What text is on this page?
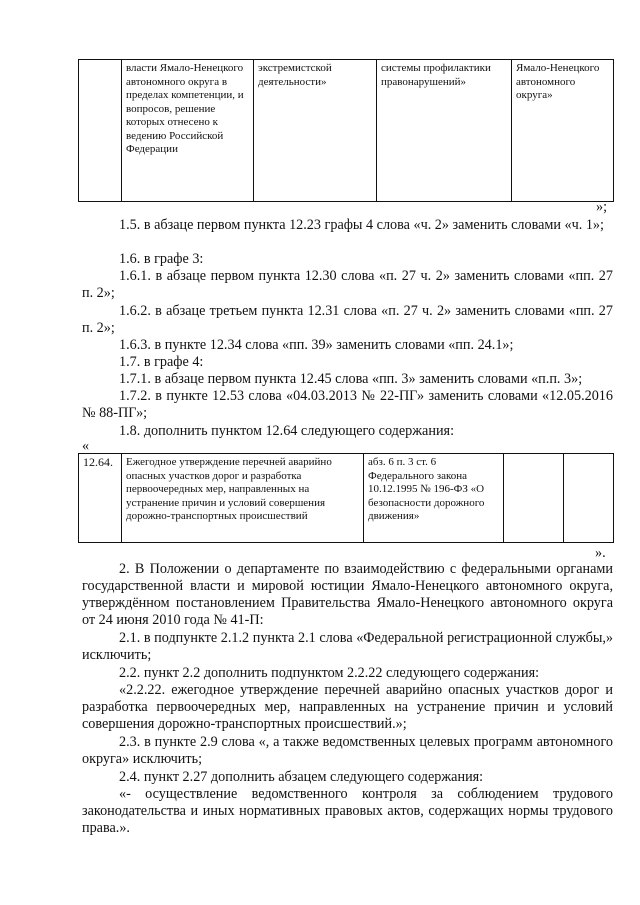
	власти Ямало-Ненецкого автономного округа в пределах компетенции, и вопросов, решение которых отнесено к ведению Российской Федерации	экстремистской деятельности»	системы профилактики правонарушений»	Ямало-Ненецкого автономного округа»
»;
1.5. в абзаце первом пункта 12.23 графы 4 слова «ч. 2» заменить словами «ч. 1»;
1.6. в графе 3:
1.6.1. в абзаце первом пункта 12.30 слова «п. 27 ч. 2» заменить словами «пп. 27 п. 2»;
1.6.2. в абзаце третьем пункта 12.31 слова «п. 27 ч. 2» заменить словами «пп. 27 п. 2»;
1.6.3. в пункте 12.34 слова «пп. 39» заменить словами «пп. 24.1»;
1.7. в графе 4:
1.7.1. в абзаце первом пункта 12.45 слова «пп. 3» заменить словами «п.п. 3»;
1.7.2. в пункте 12.53 слова «04.03.2013 № 22-ПГ» заменить словами «12.05.2016 № 88-ПГ»;
1.8. дополнить пунктом 12.64 следующего содержания:
«
12.64.	Ежегодное утверждение перечней аварийно опасных участков дорог и разработка первоочередных мер, направленных на устранение причин и условий совершения дорожно-транспортных происшествий	абз. 6 п. 3 ст. 6 Федерального закона 10.12.1995 № 196-ФЗ «О безопасности дорожного движения»		
».
2. В Положении о департаменте по взаимодействию с федеральными органами государственной власти и мировой юстиции Ямало-Ненецкого автономного округа, утверждённом постановлением Правительства Ямало-Ненецкого автономного округа от 24 июня 2010 года № 41-П:
2.1. в подпункте 2.1.2 пункта 2.1 слова «Федеральной регистрационной службы,» исключить;
2.2. пункт 2.2 дополнить подпунктом 2.2.22 следующего содержания:
«2.2.22. ежегодное утверждение перечней аварийно опасных участков дорог и разработка первоочередных мер, направленных на устранение причин и условий совершения дорожно-транспортных происшествий.»;
2.3. в пункте 2.9 слова «, а также ведомственных целевых программ автономного округа» исключить;
2.4. пункт 2.27 дополнить абзацем следующего содержания:
«- осуществление ведомственного контроля за соблюдением трудового законодательства и иных нормативных правовых актов, содержащих нормы трудового права.».
